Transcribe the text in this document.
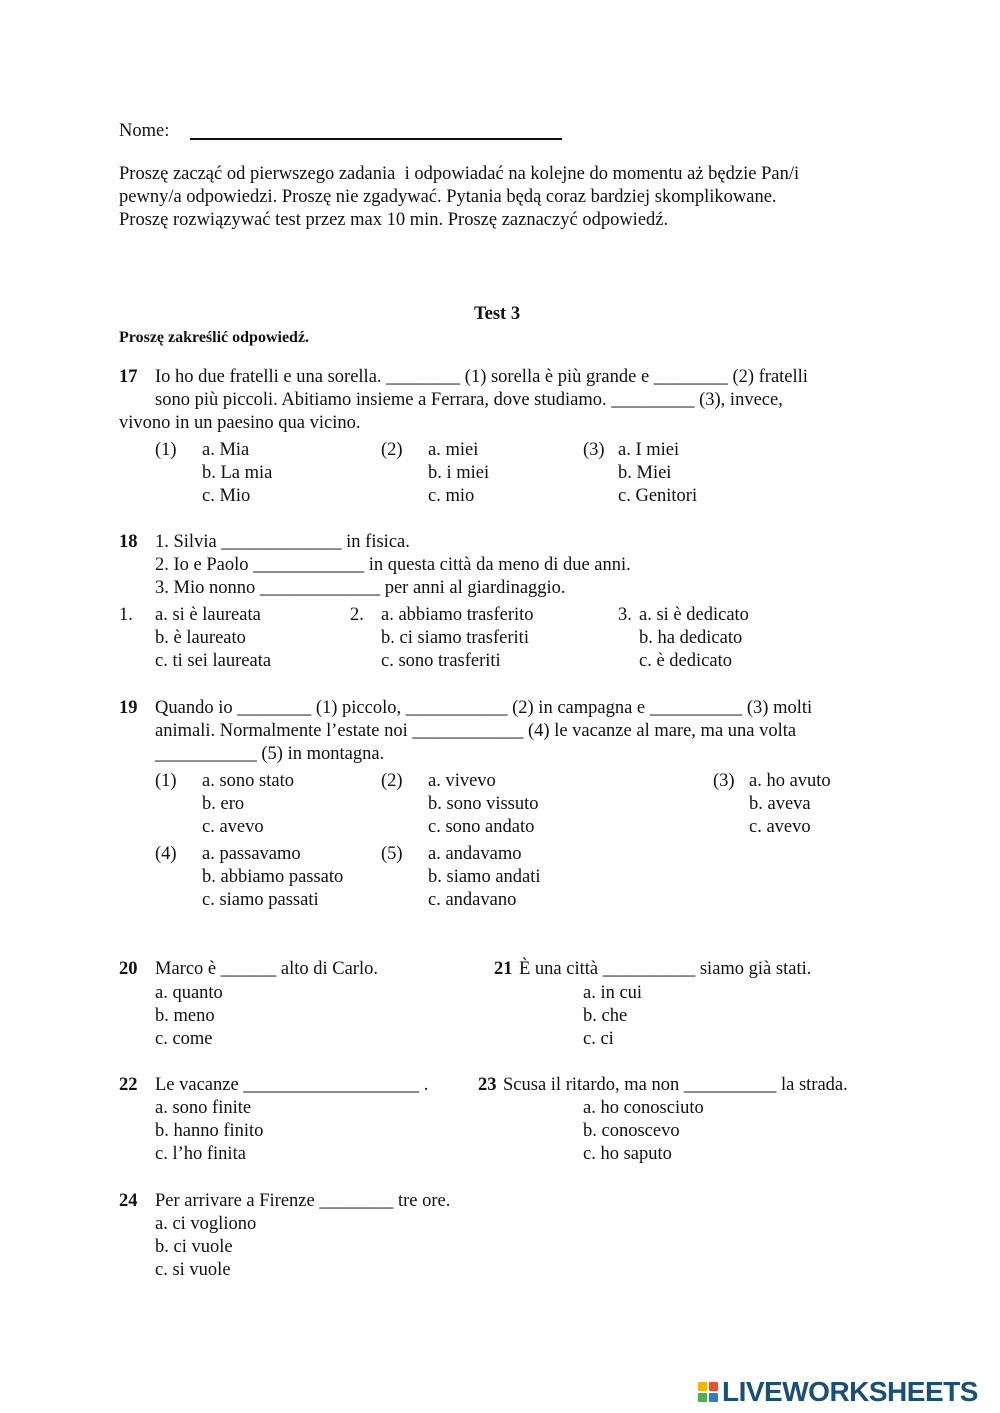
Nome:
Proszę zacząć od pierwszego zadania  i odpowiadać na kolejne do momentu aż będzie Pan/i
pewny/a odpowiedzi. Proszę nie zgadywać. Pytania będą coraz bardziej skomplikowane.
Proszę rozwiązywać test przez max 10 min. Proszę zaznaczyć odpowiedź.
Test 3
Proszę zakreślić odpowiedź.
17 Io ho due fratelli e una sorella. ________ (1) sorella è più grande e ________ (2) fratelli
sono più piccoli. Abitiamo insieme a Ferrara, dove studiamo. _________ (3), invece,
vivono in un paesino qua vicino.
(1) a. Mia
b. La mia
c. Mio
(2) a. miei
b. i miei
c. mio
(3) a. I miei
b. Miei
c. Genitori
18 1. Silvia _____________ in fisica.
2. Io e Paolo ____________ in questa città da meno di due anni.
3. Mio nonno _____________ per anni al giardinaggio.
1. a. si è laureata
b. è laureato
c. ti sei laureata
2. a. abbiamo trasferito
b. ci siamo trasferiti
c. sono trasferiti
3. a. si è dedicato
b. ha dedicato
c. è dedicato
19 Quando io ________ (1) piccolo, ___________ (2) in campagna e __________ (3) molti
animali. Normalmente l’estate noi ____________ (4) le vacanze al mare, ma una volta
___________ (5) in montagna.
(1) a. sono stato
b. ero
c. avevo
(2) a. vivevo
b. sono vissuto
c. sono andato
(3) a. ho avuto
b. aveva
c. avevo
(4) a. passavamo
b. abbiamo passato
c. siamo passati
(5) a. andavamo
b. siamo andati
c. andavano
20 Marco è ______ alto di Carlo.
a. quanto
b. meno
c. come
21 È una città __________ siamo già stati.
a. in cui
b. che
c. ci
22 Le vacanze ___________________ .
a. sono finite
b. hanno finito
c. l’ho finita
23 Scusa il ritardo, ma non __________ la strada.
a. ho conosciuto
b. conoscevo
c. ho saputo
24 Per arrivare a Firenze ________ tre ore.
a. ci vogliono
b. ci vuole
c. si vuole
LIVEWORKSHEETS
